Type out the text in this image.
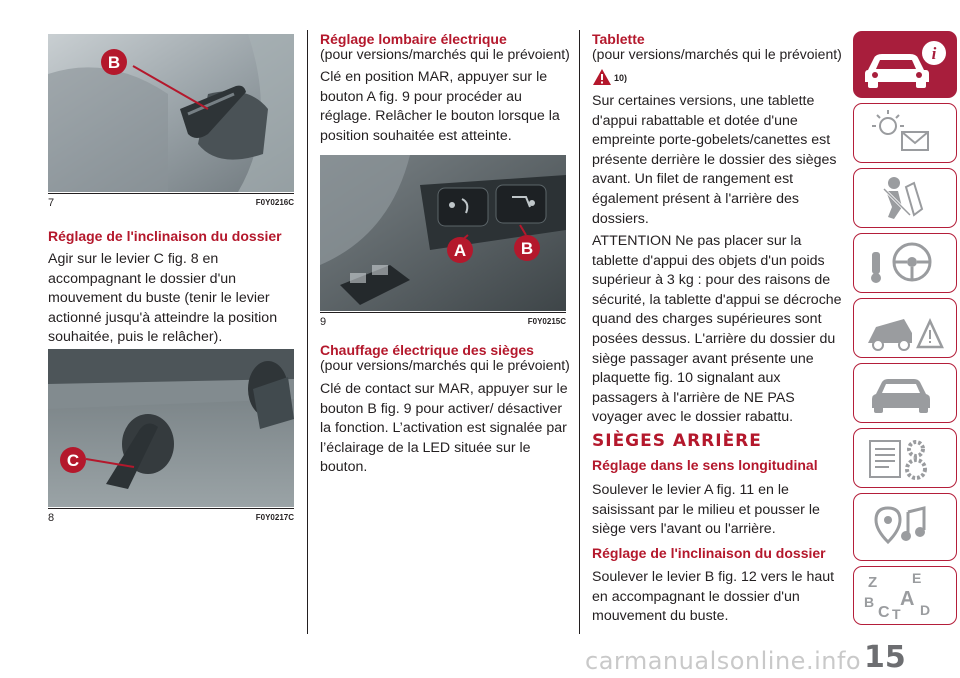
B
7	F0Y0216C
Réglage de l'inclinaison du dossier
Agir sur le levier C fig. 8 en accompagnant le dossier d'un mouvement du buste (tenir le levier actionné jusqu'à atteindre la position souhaitée, puis le relâcher).
C
8	F0Y0217C
Réglage lombaire électrique
(pour versions/marchés qui le prévoient)
Clé en position MAR, appuyer sur le bouton A fig. 9 pour procéder au réglage. Relâcher le bouton lorsque la position souhaitée est atteinte.
A	B
9	F0Y0215C
Chauffage électrique des sièges
(pour versions/marchés qui le prévoient)
Clé de contact sur MAR, appuyer sur le bouton B fig. 9 pour activer/ désactiver la fonction. L’activation est signalée par l’éclairage de la LED située sur le bouton.
Tablette
(pour versions/marchés qui le prévoient)
10)
Sur certaines versions, une tablette d'appui rabattable et dotée d'une empreinte porte-gobelets/canettes est présente derrière le dossier des sièges avant. Un filet de rangement est également présent à l'arrière des dossiers.
ATTENTION Ne pas placer sur la tablette d'appui des objets d'un poids supérieur à 3 kg : pour des raisons de sécurité, la tablette d'appui se décroche quand des charges supérieures sont posées dessus. L'arrière du dossier du siège passager avant présente une plaquette fig. 10 signalant aux passagers à l'arrière de NE PAS voyager avec le dossier rabattu.
SIÈGES ARRIÈRE
Réglage dans le sens longitudinal
Soulever le levier A fig. 11 en le saisissant par le milieu et pousser le siège vers l'avant ou l'arrière.
Réglage de l'inclinaison du dossier
Soulever le levier B fig. 12 vers le haut en accompagnant le dossier d'un mouvement du buste.
i
Z E
B A
C T D
15
carmanualsonline.info
